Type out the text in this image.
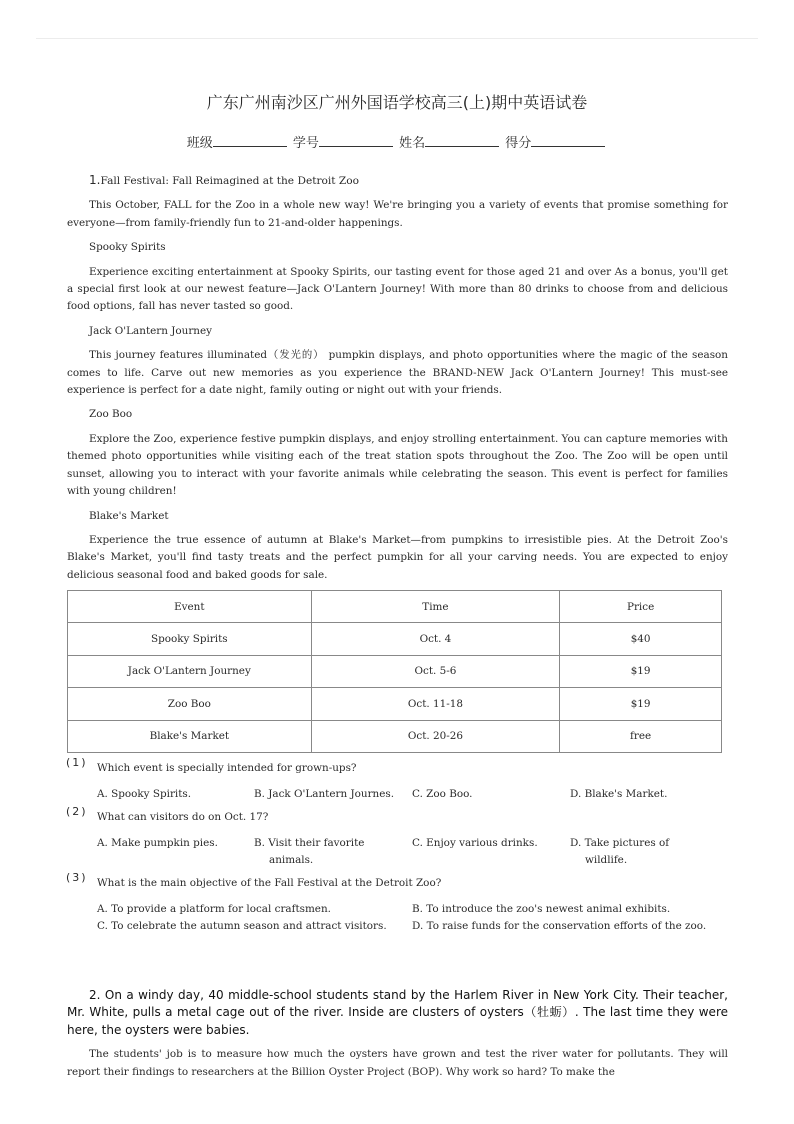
广东广州南沙区广州外国语学校高三(上)期中英语试卷
班级	学号	姓名	得分

1.Fall Festival: Fall Reimagined at the Detroit Zoo

This October, FALL for the Zoo in a whole new way! We're bringing you a variety of events that promise something for everyone—from family-friendly fun to 21-and-older happenings.

Spooky Spirits

Experience exciting entertainment at Spooky Spirits, our tasting event for those aged 21 and over As a bonus, you'll get a special first look at our newest feature—Jack O'Lantern Journey! With more than 80 drinks to choose from and delicious food options, fall has never tasted so good.

Jack O'Lantern Journey

This journey features illuminated（发光的） pumpkin displays, and photo opportunities where the magic of the season comes to life. Carve out new memories as you experience the BRAND-NEW Jack O'Lantern Journey! This must-see experience is perfect for a date night, family outing or night out with your friends.

Zoo Boo

Explore the Zoo, experience festive pumpkin displays, and enjoy strolling entertainment. You can capture memories with themed photo opportunities while visiting each of the treat station spots throughout the Zoo. The Zoo will be open until sunset, allowing you to interact with your favorite animals while celebrating the season. This event is perfect for families with young children!

Blake's Market

Experience the true essence of autumn at Blake's Market—from pumpkins to irresistible pies. At the Detroit Zoo's Blake's Market, you'll find tasty treats and the perfect pumpkin for all your carving needs. You are expected to enjoy delicious seasonal food and baked goods for sale.

Event	Time	Price
Spooky Spirits	Oct. 4	$40
Jack O'Lantern Journey	Oct. 5-6	$19
Zoo Boo	Oct. 11-18	$19
Blake's Market	Oct. 20-26	free
(1) Which event is specially intended for grown-ups?
A. Spooky Spirits.	B. Jack O'Lantern Journes. C. Zoo Boo.	D. Blake's Market.
(2) What can visitors do on Oct. 17?
A. Make pumpkin pies.	B. Visit their favorite animals.
C. Enjoy various drinks.	D. Take pictures of wildlife.
(3) What is the main objective of the Fall Festival at the Detroit Zoo?
A. To provide a platform for local craftsmen.	B. To introduce the zoo's newest animal exhibits.
C. To celebrate the autumn season and attract visitors. D. To raise funds for the conservation efforts of the zoo.

2. On a windy day, 40 middle-school students stand by the Harlem River in New York City. Their teacher, Mr. White, pulls a metal cage out of the river. Inside are clusters of oysters（牡蛎）. The last time they were here, the oysters were babies.

The students' job is to measure how much the oysters have grown and test the river water for pollutants. They will report their findings to researchers at the Billion Oyster Project (BOP). Why work so hard? To make the
